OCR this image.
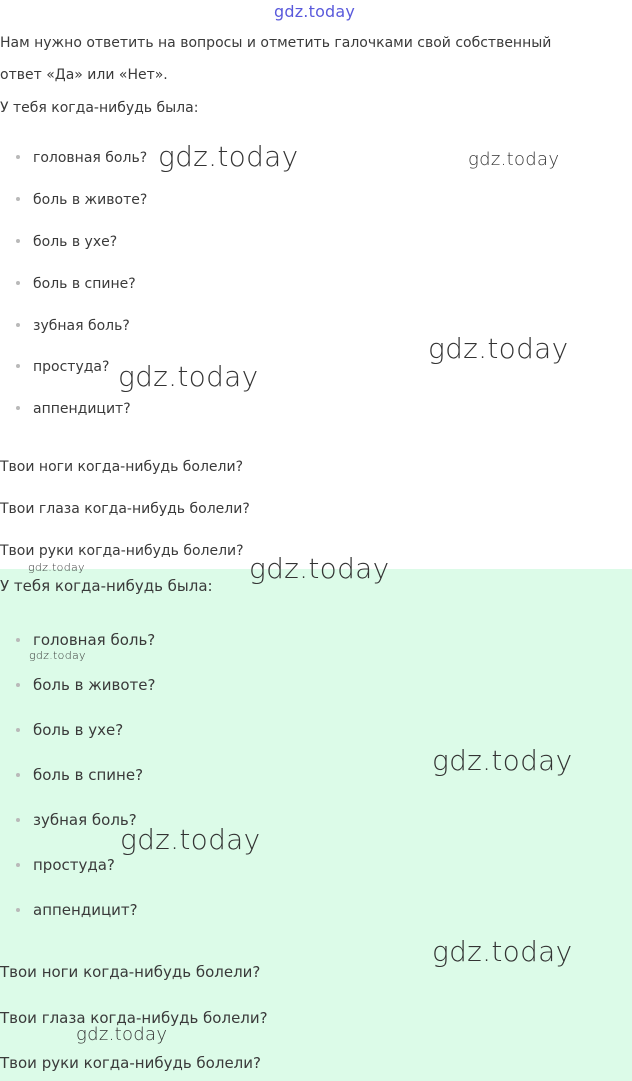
gdz.today
Нам нужно ответить на вопросы и отметить галочками свой собственный
ответ «Да» или «Нет».
У тебя когда-нибудь была:
головная боль?
боль в животе?
боль в ухе?
боль в спине?
зубная боль?
простуда?
аппендицит?
Твои ноги когда-нибудь болели?
Твои глаза когда-нибудь болели?
Твои руки когда-нибудь болели?
У тебя когда-нибудь была:
головная боль?
боль в животе?
боль в ухе?
боль в спине?
зубная боль?
простуда?
аппендицит?
Твои ноги когда-нибудь болели?
Твои глаза когда-нибудь болели?
Твои руки когда-нибудь болели?
gdz.today	gdz.today
gdz.today
gdz.today
gdz.today
gdz.today
gdz.today
gdz.today
gdz.today
gdz.today
gdz.today
